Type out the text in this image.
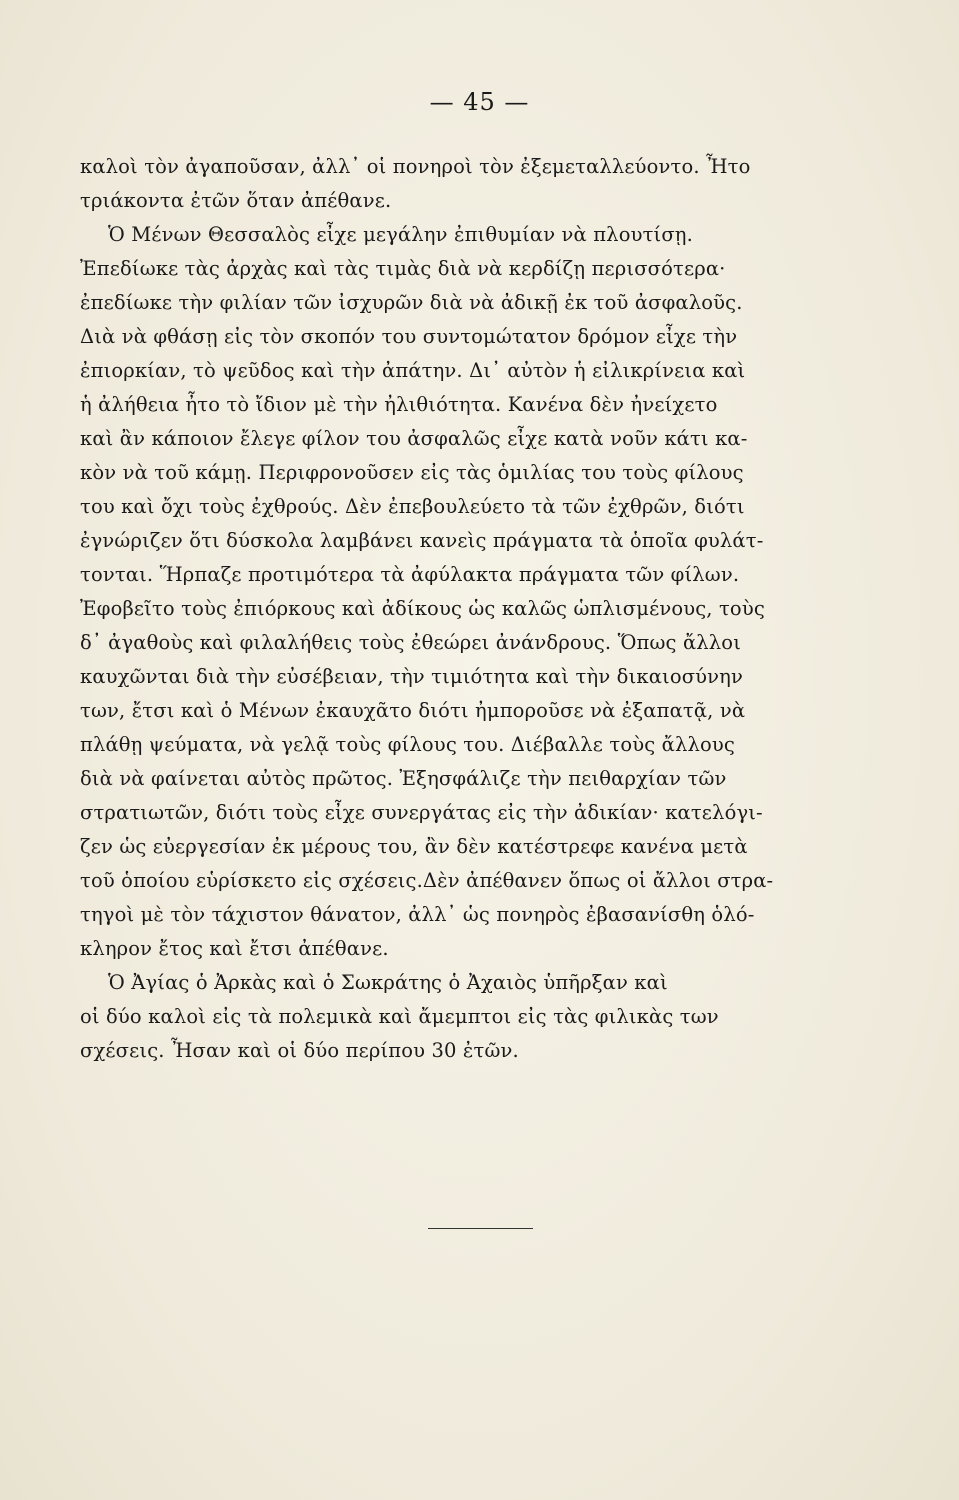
— 45 —
καλοὶ τὸν ἀγαποῦσαν, ἀλλ᾽ οἱ πονηροὶ τὸν ἐξεμεταλλεύοντο. Ἦτο
τριάκοντα ἐτῶν ὅταν ἀπέθανε.
Ὁ Μένων Θεσσαλὸς εἶχε μεγάλην ἐπιθυμίαν νὰ πλουτίσῃ.
Ἐπεδίωκε τὰς ἀρχὰς καὶ τὰς τιμὰς διὰ νὰ κερδίζῃ περισσότερα·
ἐπεδίωκε τὴν φιλίαν τῶν ἰσχυρῶν διὰ νὰ ἀδικῇ ἐκ τοῦ ἀσφαλοῦς.
Διὰ νὰ φθάσῃ εἰς τὸν σκοπόν του συντομώτατον δρόμον εἶχε τὴν
ἐπιορκίαν, τὸ ψεῦδος καὶ τὴν ἀπάτην. Δι᾽ αὐτὸν ἡ εἰλικρίνεια καὶ
ἡ ἀλήθεια ἦτο τὸ ἴδιον μὲ τὴν ἠλιθιότητα. Κανένα δὲν ἠνείχετο
καὶ ἂν κάποιον ἔλεγε φίλον του ἀσφαλῶς εἶχε κατὰ νοῦν κάτι κα-
κὸν νὰ τοῦ κάμῃ. Περιφρονοῦσεν εἰς τὰς ὁμιλίας του τοὺς φίλους
του καὶ ὄχι τοὺς ἐχθρούς. Δὲν ἐπεβουλεύετο τὰ τῶν ἐχθρῶν, διότι
ἐγνώριζεν ὅτι δύσκολα λαμβάνει κανεὶς πράγματα τὰ ὁποῖα φυλάτ-
τονται. Ἥρπαζε προτιμότερα τὰ ἀφύλακτα πράγματα τῶν φίλων.
Ἐφοβεῖτο τοὺς ἐπιόρκους καὶ ἀδίκους ὡς καλῶς ὡπλισμένους, τοὺς
δ᾽ ἀγαθοὺς καὶ φιλαλήθεις τοὺς ἐθεώρει ἀνάνδρους. Ὅπως ἄλλοι
καυχῶνται διὰ τὴν εὐσέβειαν, τὴν τιμιότητα καὶ τὴν δικαιοσύνην
των, ἔτσι καὶ ὁ Μένων ἐκαυχᾶτο διότι ἠμποροῦσε νὰ ἐξαπατᾷ, νὰ
πλάθῃ ψεύματα, νὰ γελᾷ τοὺς φίλους του. Διέβαλλε τοὺς ἄλλους
διὰ νὰ φαίνεται αὐτὸς πρῶτος. Ἐξησφάλιζε τὴν πειθαρχίαν τῶν
στρατιωτῶν, διότι τοὺς εἶχε συνεργάτας εἰς τὴν ἀδικίαν· κατελόγι-
ζεν ὡς εὐεργεσίαν ἐκ μέρους του, ἂν δὲν κατέστρεφε κανένα μετὰ
τοῦ ὁποίου εὑρίσκετο εἰς σχέσεις.Δὲν ἀπέθανεν ὅπως οἱ ἄλλοι στρα-
τηγοὶ μὲ τὸν τάχιστον θάνατον, ἀλλ᾽ ὡς πονηρὸς ἐβασανίσθη ὁλό-
κληρον ἔτος καὶ ἔτσι ἀπέθανε.
Ὁ Ἀγίας ὁ Ἀρκὰς καὶ ὁ Σωκράτης ὁ Ἀχαιὸς ὑπῆρξαν καὶ
οἱ δύο καλοὶ εἰς τὰ πολεμικὰ καὶ ἄμεμπτοι εἰς τὰς φιλικὰς των
σχέσεις. Ἦσαν καὶ οἱ δύο περίπου 30 ἐτῶν.
